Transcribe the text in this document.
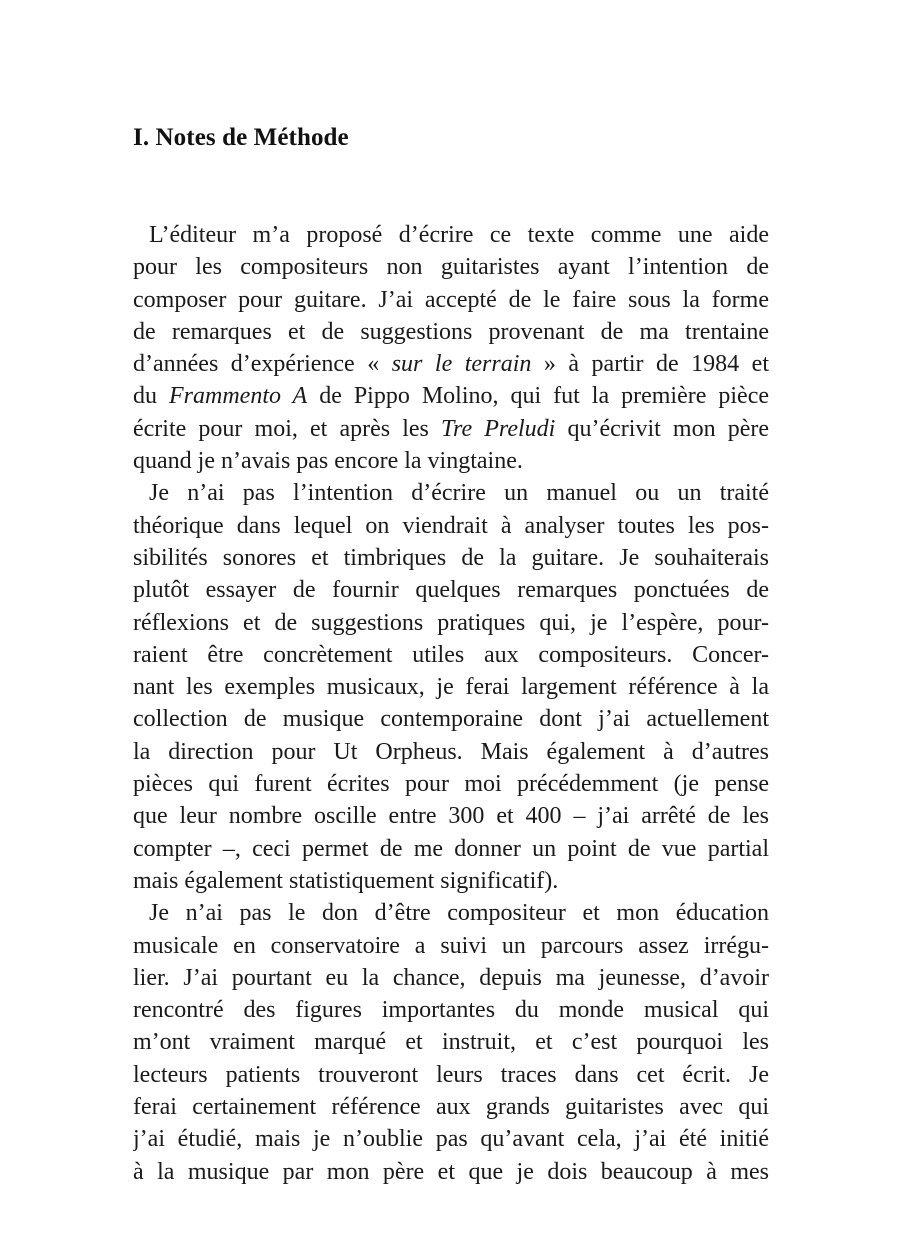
I. Notes de Méthode
L’éditeur m’a proposé d’écrire ce texte comme une aide
pour les compositeurs non guitaristes ayant l’intention de
composer pour guitare. J’ai accepté de le faire sous la forme
de remarques et de suggestions provenant de ma trentaine
d’années d’expérience « sur le terrain » à partir de 1984 et
du Frammento A de Pippo Molino, qui fut la première pièce
écrite pour moi, et après les Tre Preludi qu’écrivit mon père
quand je n’avais pas encore la vingtaine.
Je n’ai pas l’intention d’écrire un manuel ou un traité
théorique dans lequel on viendrait à analyser toutes les pos-
sibilités sonores et timbriques de la guitare. Je souhaiterais
plutôt essayer de fournir quelques remarques ponctuées de
réflexions et de suggestions pratiques qui, je l’espère, pour-
raient être concrètement utiles aux compositeurs. Concer-
nant les exemples musicaux, je ferai largement référence à la
collection de musique contemporaine dont j’ai actuellement
la direction pour Ut Orpheus. Mais également à d’autres
pièces qui furent écrites pour moi précédemment (je pense
que leur nombre oscille entre 300 et 400 – j’ai arrêté de les
compter –, ceci permet de me donner un point de vue partial
mais également statistiquement significatif).
Je n’ai pas le don d’être compositeur et mon éducation
musicale en conservatoire a suivi un parcours assez irrégu-
lier. J’ai pourtant eu la chance, depuis ma jeunesse, d’avoir
rencontré des figures importantes du monde musical qui
m’ont vraiment marqué et instruit, et c’est pourquoi les
lecteurs patients trouveront leurs traces dans cet écrit. Je
ferai certainement référence aux grands guitaristes avec qui
j’ai étudié, mais je n’oublie pas qu’avant cela, j’ai été initié
à la musique par mon père et que je dois beaucoup à mes
